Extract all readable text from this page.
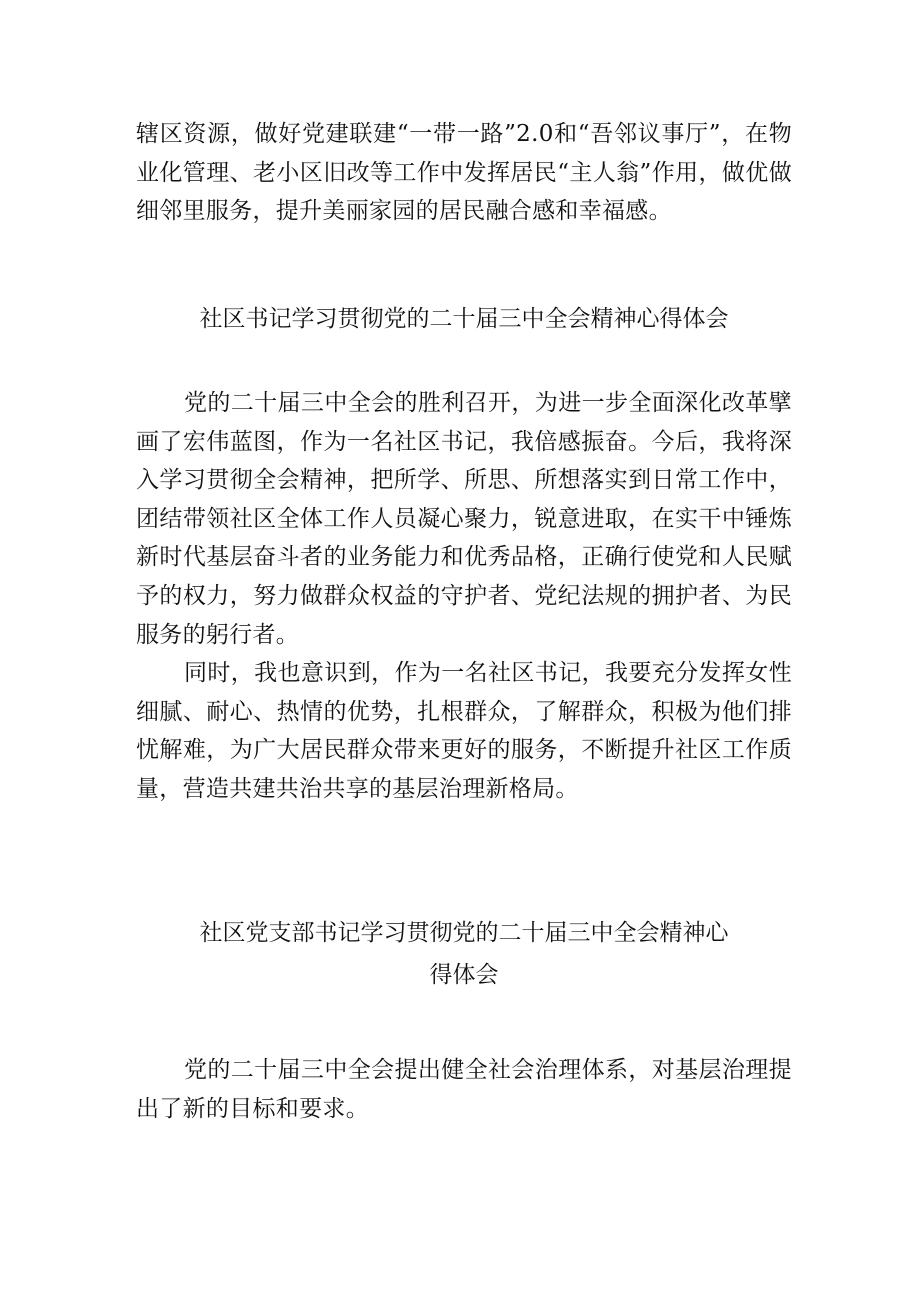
辖区资源，做好党建联建“一带一路”2.0和“吾邻议事厅”，在物业化管理、老小区旧改等工作中发挥居民“主人翁”作用，做优做细邻里服务，提升美丽家园的居民融合感和幸福感。

社区书记学习贯彻党的二十届三中全会精神心得体会

党的二十届三中全会的胜利召开，为进一步全面深化改革擘画了宏伟蓝图，作为一名社区书记，我倍感振奋。今后，我将深入学习贯彻全会精神，把所学、所思、所想落实到日常工作中，团结带领社区全体工作人员凝心聚力，锐意进取，在实干中锤炼新时代基层奋斗者的业务能力和优秀品格，正确行使党和人民赋予的权力，努力做群众权益的守护者、党纪法规的拥护者、为民服务的躬行者。

同时，我也意识到，作为一名社区书记，我要充分发挥女性细腻、耐心、热情的优势，扎根群众，了解群众，积极为他们排忧解难，为广大居民群众带来更好的服务，不断提升社区工作质量，营造共建共治共享的基层治理新格局。

社区党支部书记学习贯彻党的二十届三中全会精神心
得体会

党的二十届三中全会提出健全社会治理体系，对基层治理提出了新的目标和要求。
